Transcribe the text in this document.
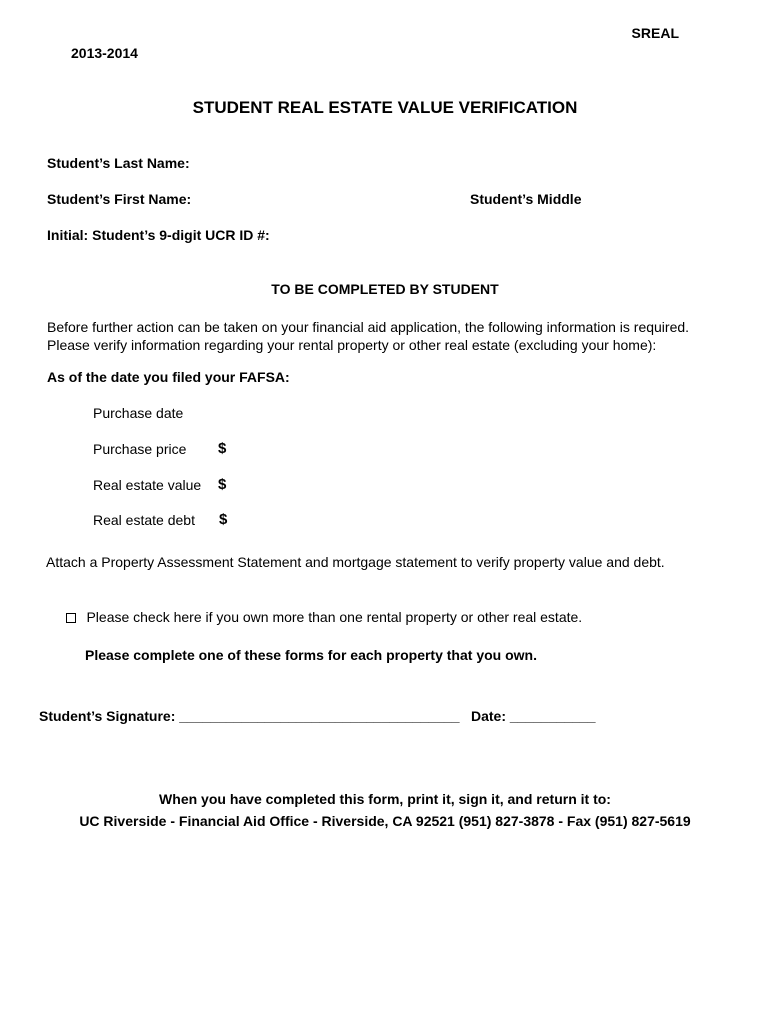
SREAL
2013-2014
STUDENT REAL ESTATE VALUE VERIFICATION
Student’s Last Name:
Student’s First Name:	Student’s Middle
Initial: Student’s 9-digit UCR ID #:
TO BE COMPLETED BY STUDENT
Before further action can be taken on your financial aid application, the following information is required.
Please verify information regarding your rental property or other real estate (excluding your home):
As of the date you filed your FAFSA:
Purchase date
Purchase price $
Real estate value $
Real estate debt $
Attach a Property Assessment Statement and mortgage statement to verify property value and debt.
Please check here if you own more than one rental property or other real estate.
Please complete one of these forms for each property that you own.
Student’s Signature: ____________________________________ Date: ___________
When you have completed this form, print it, sign it, and return it to:
UC Riverside - Financial Aid Office - Riverside, CA 92521 (951) 827-3878 - Fax (951) 827-5619
